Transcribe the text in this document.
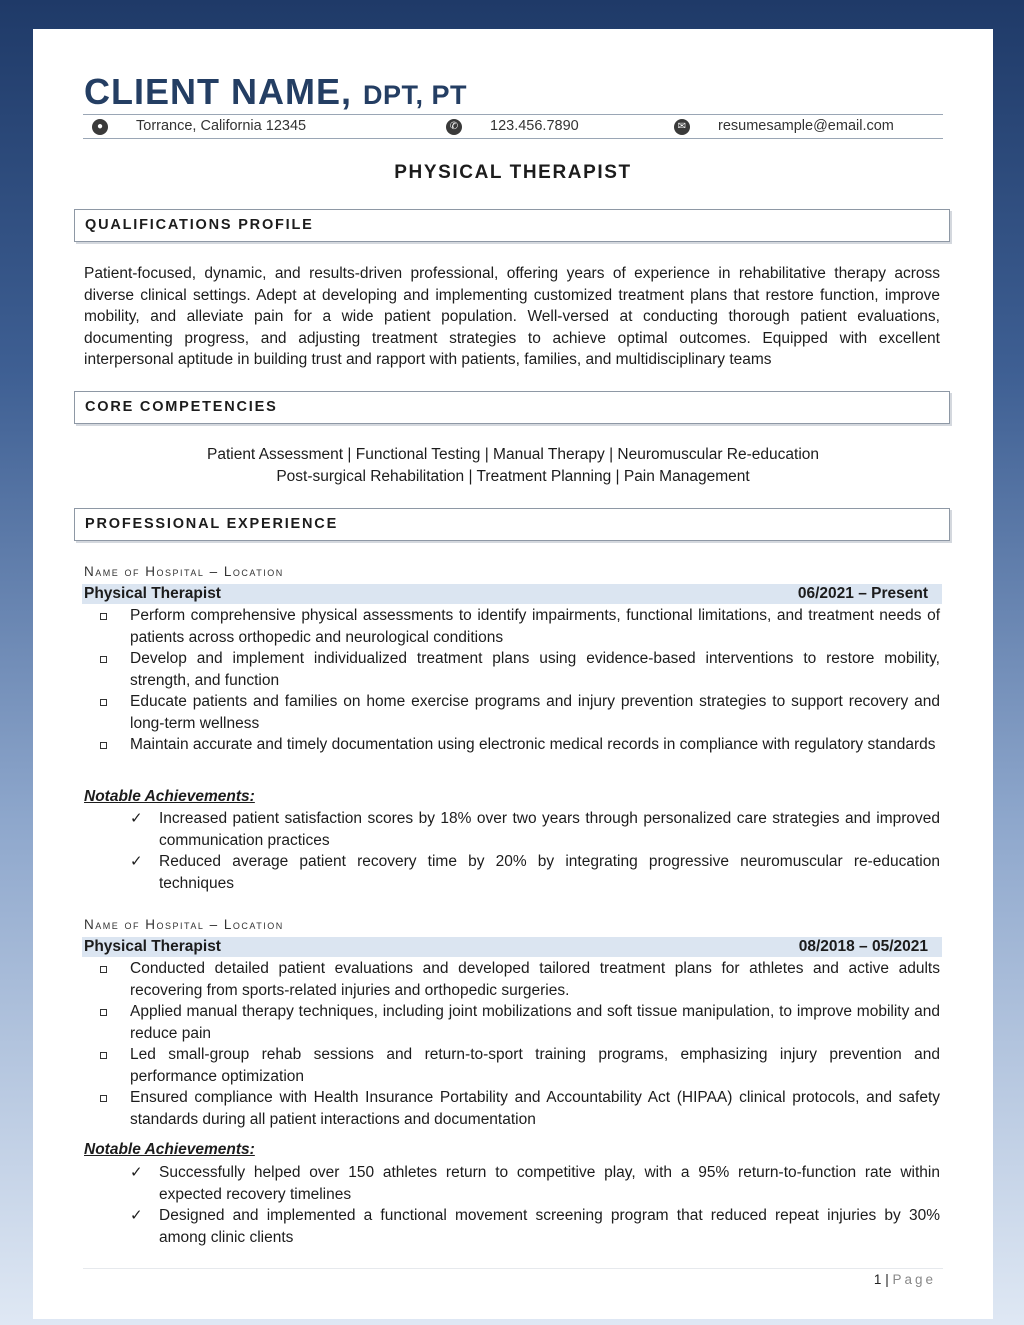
CLIENT NAME, DPT, PT
●	Torrance, California 12345	✆ 123.456.7890	✉ resumesample@email.com
PHYSICAL THERAPIST
QUALIFICATIONS PROFILE
Patient-focused, dynamic, and results-driven professional, offering years of experience in rehabilitative therapy across diverse clinical settings. Adept at developing and implementing customized treatment plans that restore function, improve mobility, and alleviate pain for a wide patient population. Well-versed at conducting thorough patient evaluations, documenting progress, and adjusting treatment strategies to achieve optimal outcomes. Equipped with excellent interpersonal aptitude in building trust and rapport with patients, families, and multidisciplinary teams
CORE COMPETENCIES
Patient Assessment | Functional Testing | Manual Therapy | Neuromuscular Re-education
Post-surgical Rehabilitation | Treatment Planning | Pain Management
PROFESSIONAL EXPERIENCE
Name of Hospital – Location
Physical Therapist	06/2021 – Present
Perform comprehensive physical assessments to identify impairments, functional limitations, and treatment needs of patients across orthopedic and neurological conditions
Develop and implement individualized treatment plans using evidence-based interventions to restore mobility, strength, and function
Educate patients and families on home exercise programs and injury prevention strategies to support recovery and long-term wellness
Maintain accurate and timely documentation using electronic medical records in compliance with regulatory standards
Notable Achievements:
✓ Increased patient satisfaction scores by 18% over two years through personalized care strategies and improved communication practices
✓ Reduced average patient recovery time by 20% by integrating progressive neuromuscular re-education techniques
Name of Hospital – Location
Physical Therapist	08/2018 – 05/2021
Conducted detailed patient evaluations and developed tailored treatment plans for athletes and active adults recovering from sports-related injuries and orthopedic surgeries.
Applied manual therapy techniques, including joint mobilizations and soft tissue manipulation, to improve mobility and reduce pain
Led small-group rehab sessions and return-to-sport training programs, emphasizing injury prevention and performance optimization
Ensured compliance with Health Insurance Portability and Accountability Act (HIPAA) clinical protocols, and safety standards during all patient interactions and documentation
Notable Achievements:
✓ Successfully helped over 150 athletes return to competitive play, with a 95% return-to-function rate within expected recovery timelines
✓ Designed and implemented a functional movement screening program that reduced repeat injuries by 30% among clinic clients
1 | Page
